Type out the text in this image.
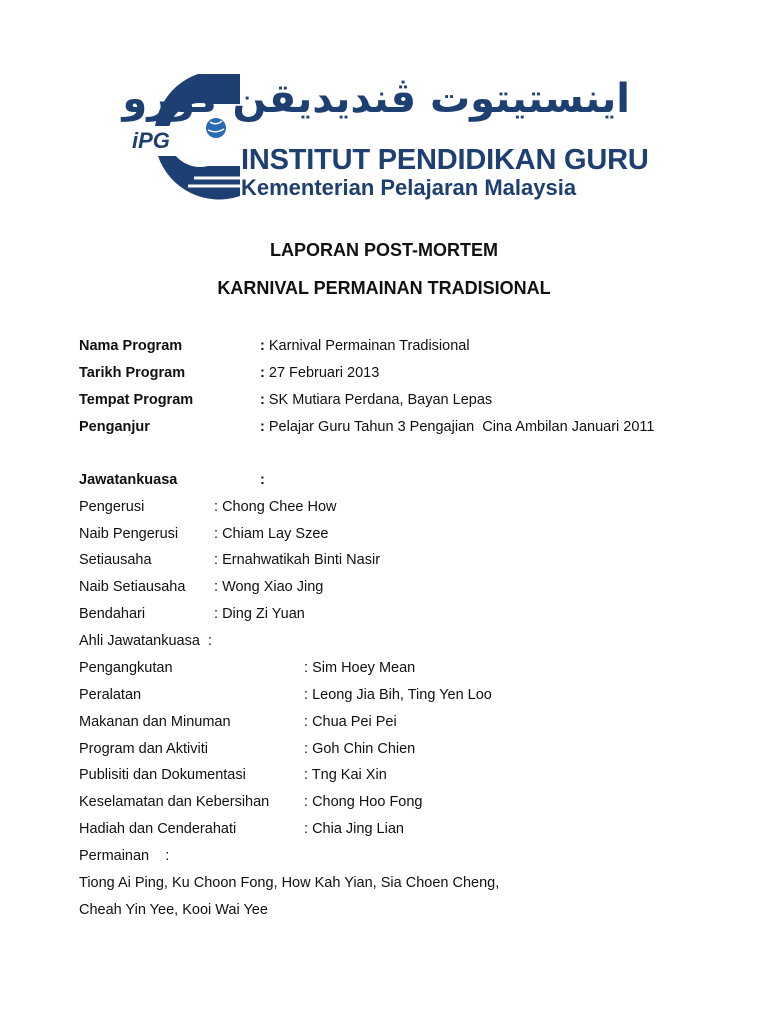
iPG
اينستيتوت ڤنديديقن ڬورو
INSTITUT PENDIDIKAN GURU
Kementerian Pelajaran Malaysia
LAPORAN POST-MORTEM
KARNIVAL PERMAINAN TRADISIONAL
Nama Program	: Karnival Permainan Tradisional
Tarikh Program	: 27 Februari 2013
Tempat Program	: SK Mutiara Perdana, Bayan Lepas
Penganjur	: Pelajar Guru Tahun 3 Pengajian  Cina Ambilan Januari 2011
Jawatankuasa	:
Pengerusi	: Chong Chee How
Naib Pengerusi : Chiam Lay Szee
Setiausaha	: Ernahwatikah Binti Nasir
Naib Setiausaha : Wong Xiao Jing
Bendahari	: Ding Zi Yuan
Ahli Jawatankuasa  :
Pengangkutan	: Sim Hoey Mean
Peralatan	: Leong Jia Bih, Ting Yen Loo
Makanan dan Minuman	: Chua Pei Pei
Program dan Aktiviti	: Goh Chin Chien
Publisiti dan Dokumentasi	: Tng Kai Xin
Keselamatan dan Kebersihan : Chong Hoo Fong
Hadiah dan Cenderahati	: Chia Jing Lian
Permainan    :
Tiong Ai Ping, Ku Choon Fong, How Kah Yian, Sia Choen Cheng,
Cheah Yin Yee, Kooi Wai Yee
